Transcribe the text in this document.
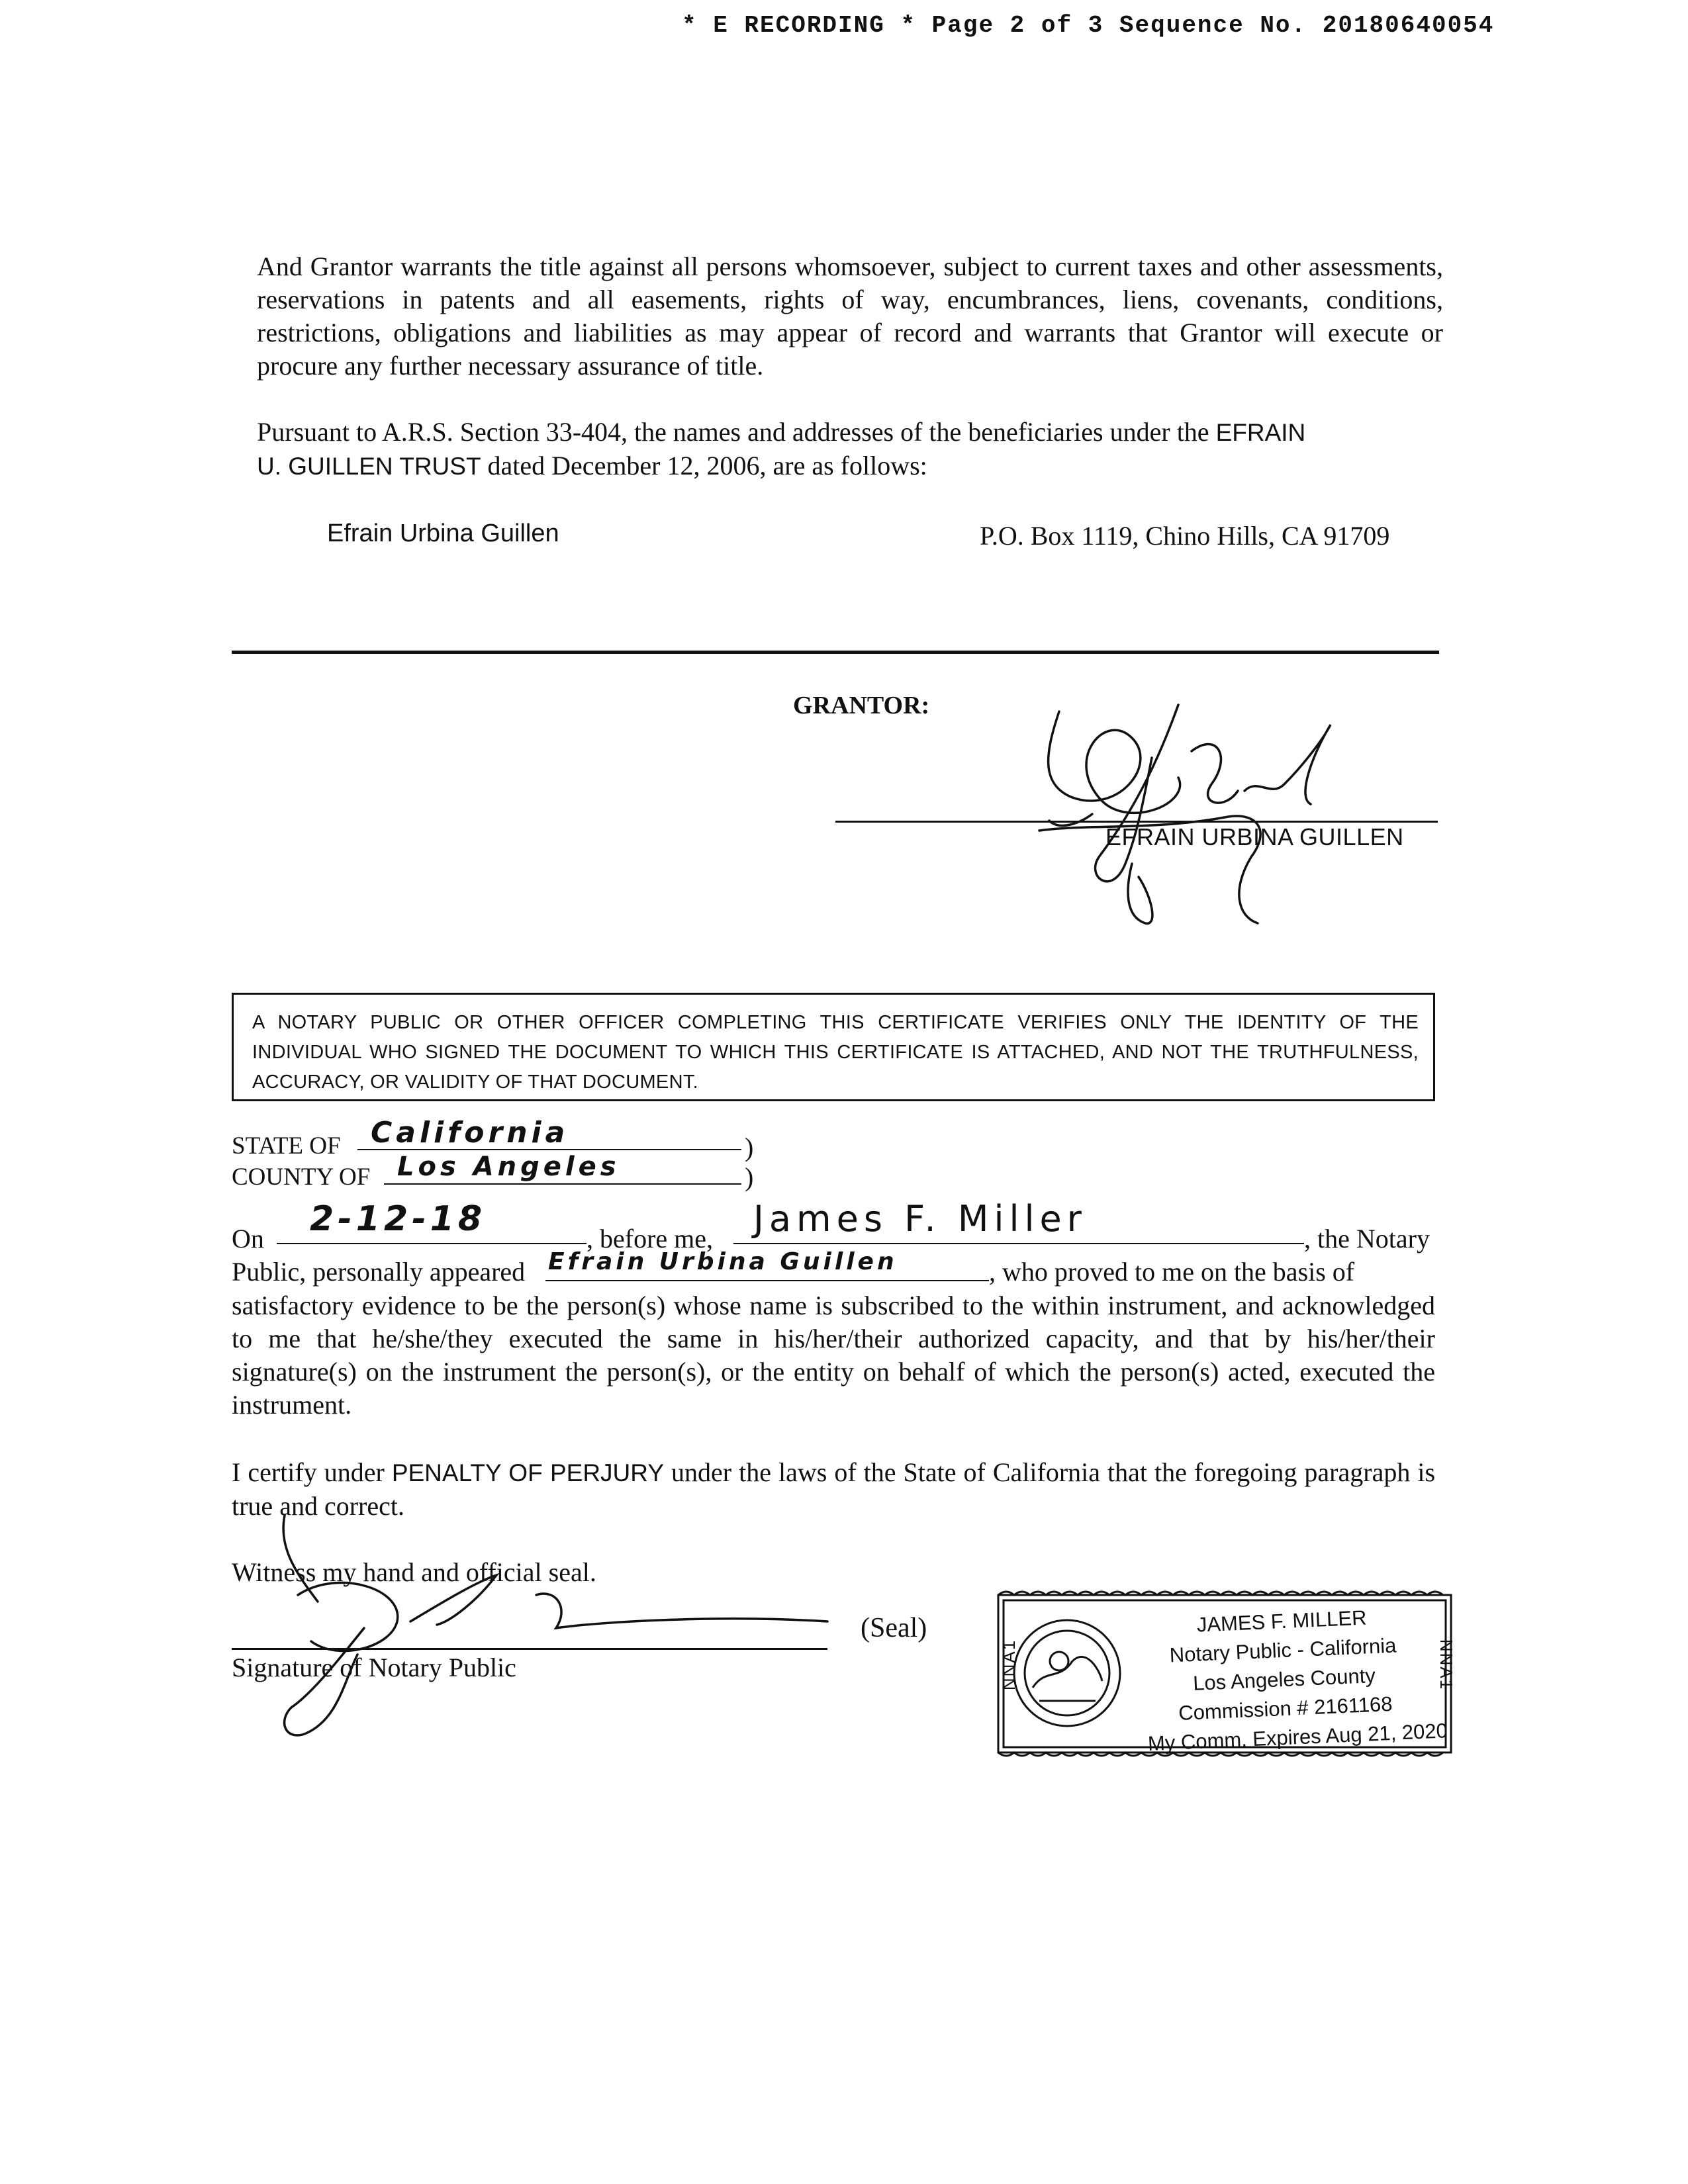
* E RECORDING * Page 2 of 3 Sequence No. 20180640054
And Grantor warrants the title against all persons whomsoever, subject to current taxes and other assessments, reservations in patents and all easements, rights of way, encumbrances, liens, covenants, conditions, restrictions, obligations and liabilities as may appear of record and warrants that Grantor will execute or procure any further necessary assurance of title.
Pursuant to A.R.S. Section 33-404, the names and addresses of the beneficiaries under the EFRAIN
U. GUILLEN TRUST dated December 12, 2006, are as follows:
Efrain Urbina Guillen	P.O. Box 1119, Chino Hills, CA 91709
GRANTOR:
EFRAIN URBINA GUILLEN
A NOTARY PUBLIC OR OTHER OFFICER COMPLETING THIS CERTIFICATE VERIFIES ONLY THE IDENTITY OF THE INDIVIDUAL WHO SIGNED THE DOCUMENT TO WHICH THIS CERTIFICATE IS ATTACHED, AND NOT THE TRUTHFULNESS, ACCURACY, OR VALIDITY OF THAT DOCUMENT.
STATE OF	California	)
COUNTY OF	Los Angeles	)
On	2-12-18	, before me,	James F. Miller	, the Notary
Public, personally appeared Efrain Urbina Guillen	, who proved to me on the basis of
satisfactory evidence to be the person(s) whose name is subscribed to the within instrument, and acknowledged to me that he/she/they executed the same in his/her/their authorized capacity, and that by his/her/their signature(s) on the instrument the person(s), or the entity on behalf of which the person(s) acted, executed the instrument.
I certify under PENALTY OF PERJURY under the laws of the State of California that the foregoing paragraph is true and correct.
Witness my hand and official seal.
Signature of Notary Public
(Seal)	JAMES F. MILLER
Notary Public - California
Los Angeles County
Commission # 2161168
My Comm. Expires Aug 21, 2020
NNA1	NNA1
